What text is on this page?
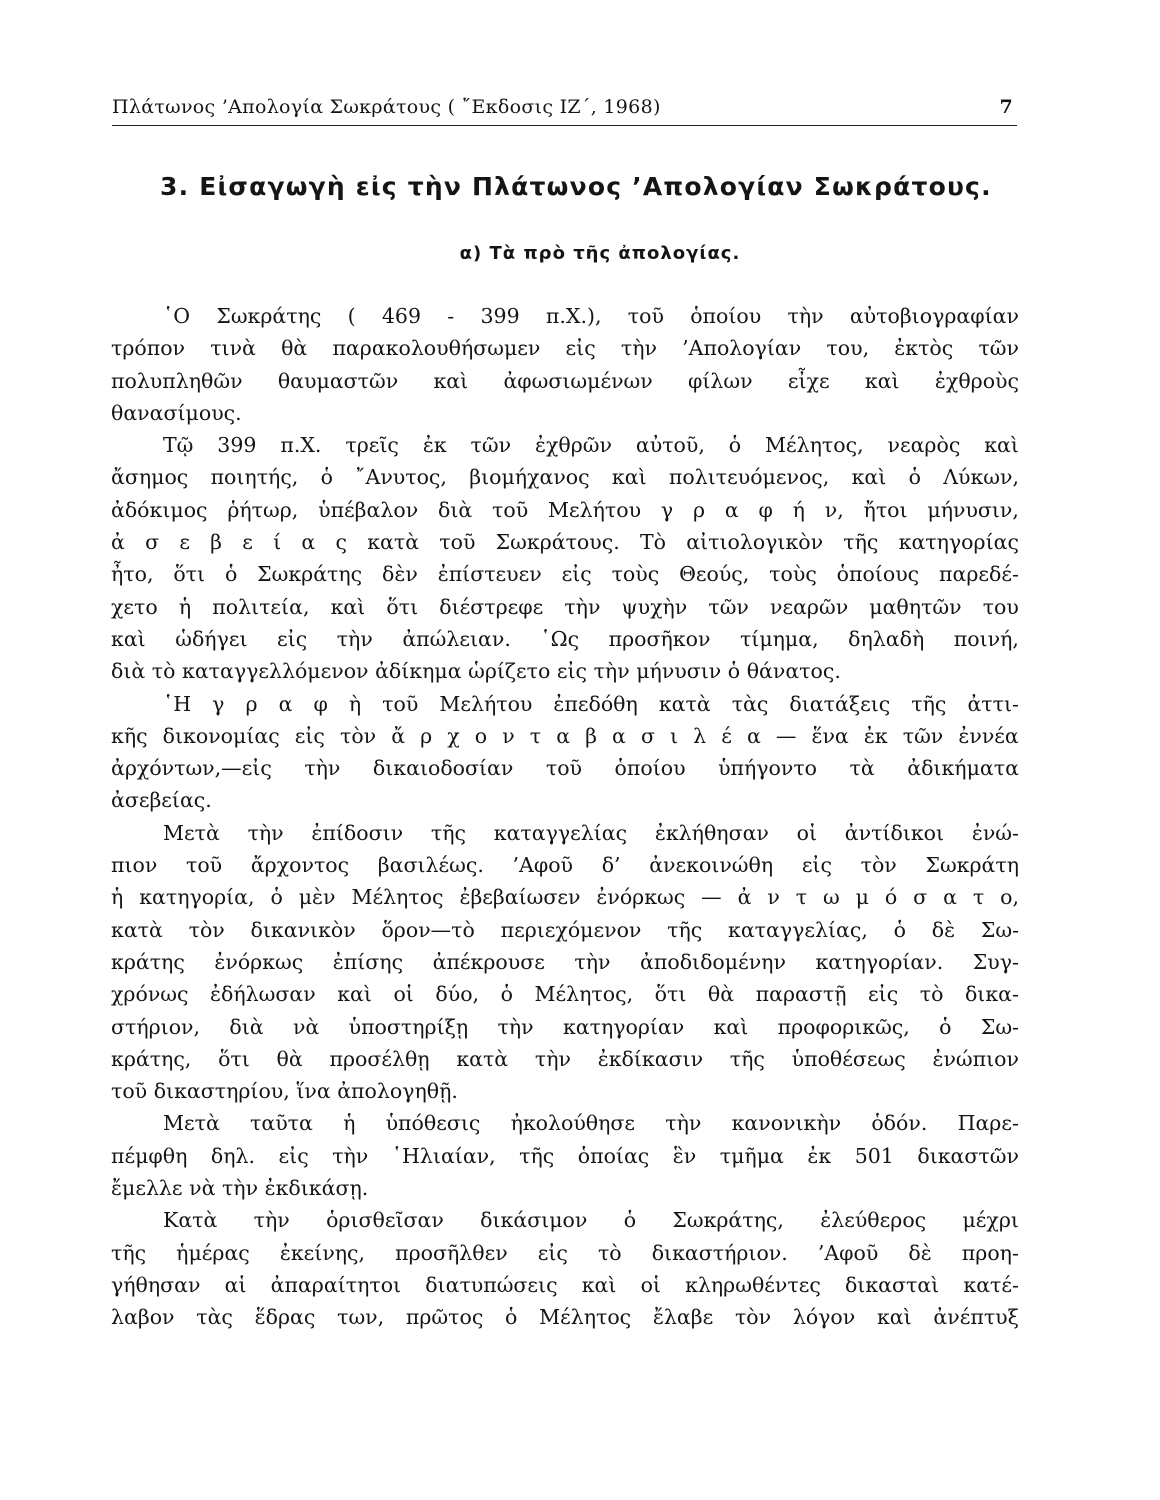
Πλάτωνος ’Απολογία Σωκράτους ( ῎Εκδοσις ΙΖ΄, 1968)	7
3. Εἰσαγωγὴ εἰς τὴν Πλάτωνος ’Απολογίαν Σωκράτους.
α) Τὰ πρὸ τῆς ἀπολογίας.
῾Ο Σωκράτης ( 469 - 399 π.Χ.), τοῦ ὁποίου τὴν αὐτοβιογραφίαν
τρόπον τινὰ θὰ παρακολουθήσωμεν εἰς τὴν ’Απολογίαν του, ἐκτὸς τῶν
πολυπληθῶν θαυμαστῶν καὶ ἀφωσιωμένων φίλων εἶχε καὶ ἐχθροὺς
θανασίμους.
Τῷ 399 π.Χ. τρεῖς ἐκ τῶν ἐχθρῶν αὐτοῦ, ὁ Μέλητος, νεαρὸς καὶ
ἄσημος ποιητής, ὁ ῎Ανυτος, βιομήχανος καὶ πολιτευόμενος, καὶ ὁ Λύκων,
ἀδόκιμος ῥήτωρ, ὑπέβαλον διὰ τοῦ Μελήτου γ ρ α φ ή ν, ἤτοι μήνυσιν,
ἀ σ ε β ε ί α ς κατὰ τοῦ Σωκράτους. Τὸ αἰτιολογικὸν τῆς κατηγορίας
ἦτο, ὅτι ὁ Σωκράτης δὲν ἐπίστευεν εἰς τοὺς Θεούς, τοὺς ὁποίους παρεδέ-
χετο ἡ πολιτεία, καὶ ὅτι διέστρεφε τὴν ψυχὴν τῶν νεαρῶν μαθητῶν του
καὶ ὡδήγει εἰς τὴν ἀπώλειαν. ῾Ως προσῆκον τίμημα, δηλαδὴ ποινή,
διὰ τὸ καταγγελλόμενον ἀδίκημα ὡρίζετο εἰς τὴν μήνυσιν ὁ θάνατος.
῾Η γ ρ α φ ὴ τοῦ Μελήτου ἐπεδόθη κατὰ τὰς διατάξεις τῆς ἀττι-
κῆς δικονομίας εἰς τὸν ἄ ρ χ ο ν τ α β α σ ι λ έ α — ἕνα ἐκ τῶν ἐννέα
ἀρχόντων,—εἰς τὴν δικαιοδοσίαν τοῦ ὁποίου ὑπήγοντο τὰ ἀδικήματα
ἀσεβείας.
Μετὰ τὴν ἐπίδοσιν τῆς καταγγελίας ἐκλήθησαν οἱ ἀντίδικοι ἐνώ-
πιον τοῦ ἄρχοντος βασιλέως. ’Αφοῦ δ’ ἀνεκοινώθη εἰς τὸν Σωκράτη
ἡ κατηγορία, ὁ μὲν Μέλητος ἐβεβαίωσεν ἐνόρκως — ἀ ν τ ω μ ό σ α τ ο,
κατὰ τὸν δικανικὸν ὅρον—τὸ περιεχόμενον τῆς καταγγελίας, ὁ δὲ Σω-
κράτης ἐνόρκως ἐπίσης ἀπέκρουσε τὴν ἀποδιδομένην κατηγορίαν. Συγ-
χρόνως ἐδήλωσαν καὶ οἱ δύο, ὁ Μέλητος, ὅτι θὰ παραστῇ εἰς τὸ δικα-
στήριον, διὰ νὰ ὑποστηρίξῃ τὴν κατηγορίαν καὶ προφορικῶς, ὁ Σω-
κράτης, ὅτι θὰ προσέλθῃ κατὰ τὴν ἐκδίκασιν τῆς ὑποθέσεως ἐνώπιον
τοῦ δικαστηρίου, ἵνα ἀπολογηθῇ.
Μετὰ ταῦτα ἡ ὑπόθεσις ἠκολούθησε τὴν κανονικὴν ὁδόν. Παρε-
πέμφθη δηλ. εἰς τὴν ῾Ηλιαίαν, τῆς ὁποίας ἓν τμῆμα ἐκ 501 δικαστῶν
ἔμελλε νὰ τὴν ἐκδικάσῃ.
Κατὰ τὴν ὁρισθεῖσαν δικάσιμον ὁ Σωκράτης, ἐλεύθερος μέχρι
τῆς ἡμέρας ἐκείνης, προσῆλθεν εἰς τὸ δικαστήριον. ’Αφοῦ δὲ προη-
γήθησαν αἱ ἀπαραίτητοι διατυπώσεις καὶ οἱ κληρωθέντες δικασταὶ κατέ-
λαβον τὰς ἕδρας των, πρῶτος ὁ Μέλητος ἔλαβε τὸν λόγον καὶ ἀνέπτυξ
